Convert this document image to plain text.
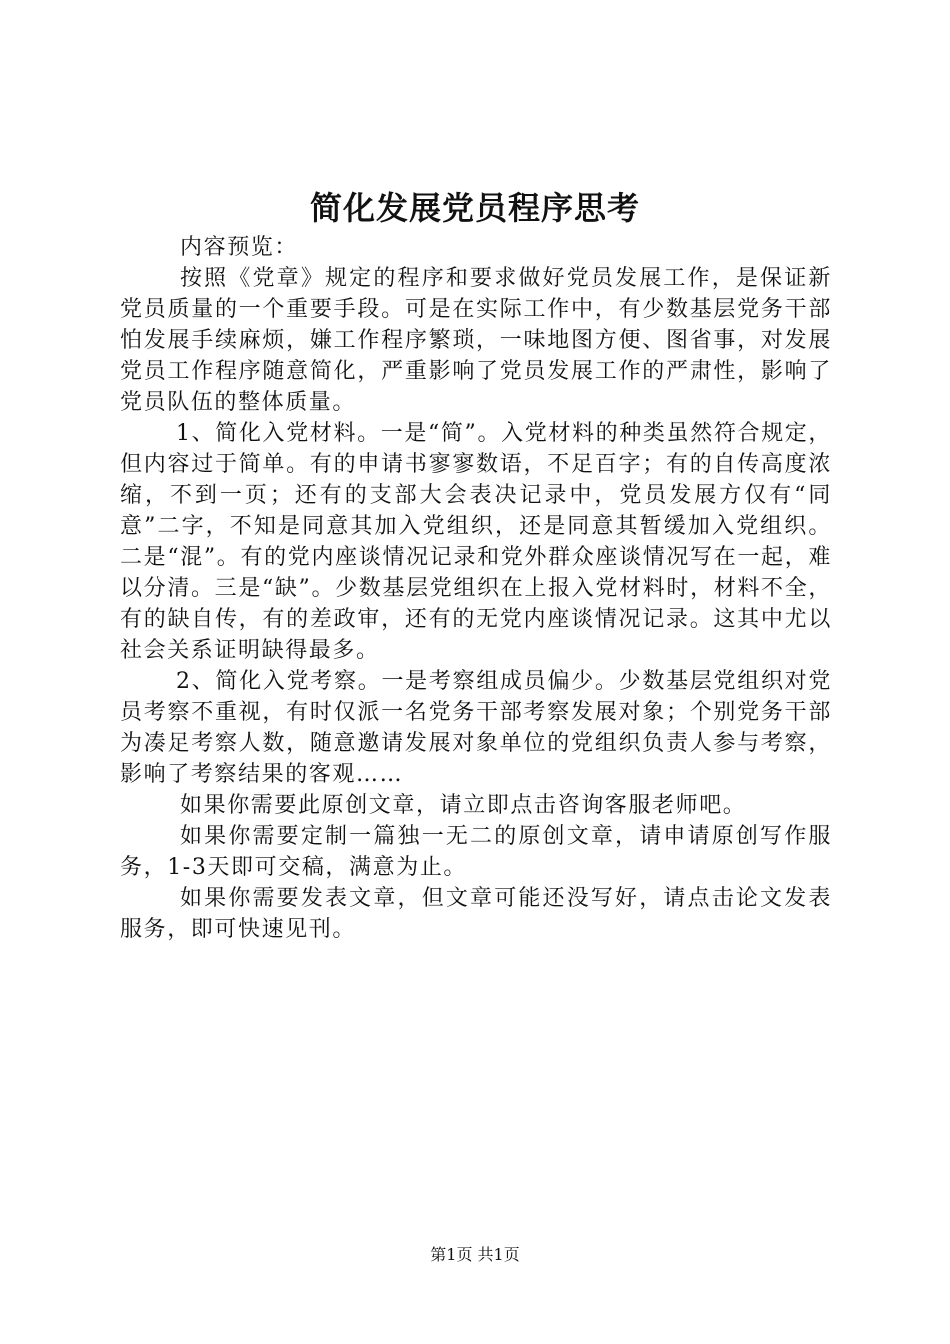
简化发展党员程序思考

内容预览：

按照《党章》规定的程序和要求做好党员发展工作，是保证新党员质量的一个重要手段。可是在实际工作中，有少数基层党务干部怕发展手续麻烦，嫌工作程序繁琐，一味地图方便、图省事，对发展党员工作程序随意简化，严重影响了党员发展工作的严肃性，影响了党员队伍的整体质量。

1、简化入党材料。一是“简”。入党材料的种类虽然符合规定，但内容过于简单。有的申请书寥寥数语，不足百字；有的自传高度浓缩，不到一页；还有的支部大会表决记录中，党员发展方仅有“同意”二字，不知是同意其加入党组织，还是同意其暂缓加入党组织。二是“混”。有的党内座谈情况记录和党外群众座谈情况写在一起，难以分清。三是“缺”。少数基层党组织在上报入党材料时，材料不全，有的缺自传，有的差政审，还有的无党内座谈情况记录。这其中尤以社会关系证明缺得最多。

2、简化入党考察。一是考察组成员偏少。少数基层党组织对党员考察不重视，有时仅派一名党务干部考察发展对象；个别党务干部为凑足考察人数，随意邀请发展对象单位的党组织负责人参与考察，影响了考察结果的客观……

如果你需要此原创文章，请立即点击咨询客服老师吧。

如果你需要定制一篇独一无二的原创文章，请申请原创写作服务，1-3天即可交稿，满意为止。

如果你需要发表文章，但文章可能还没写好，请点击论文发表服务，即可快速见刊。

第1页 共1页
